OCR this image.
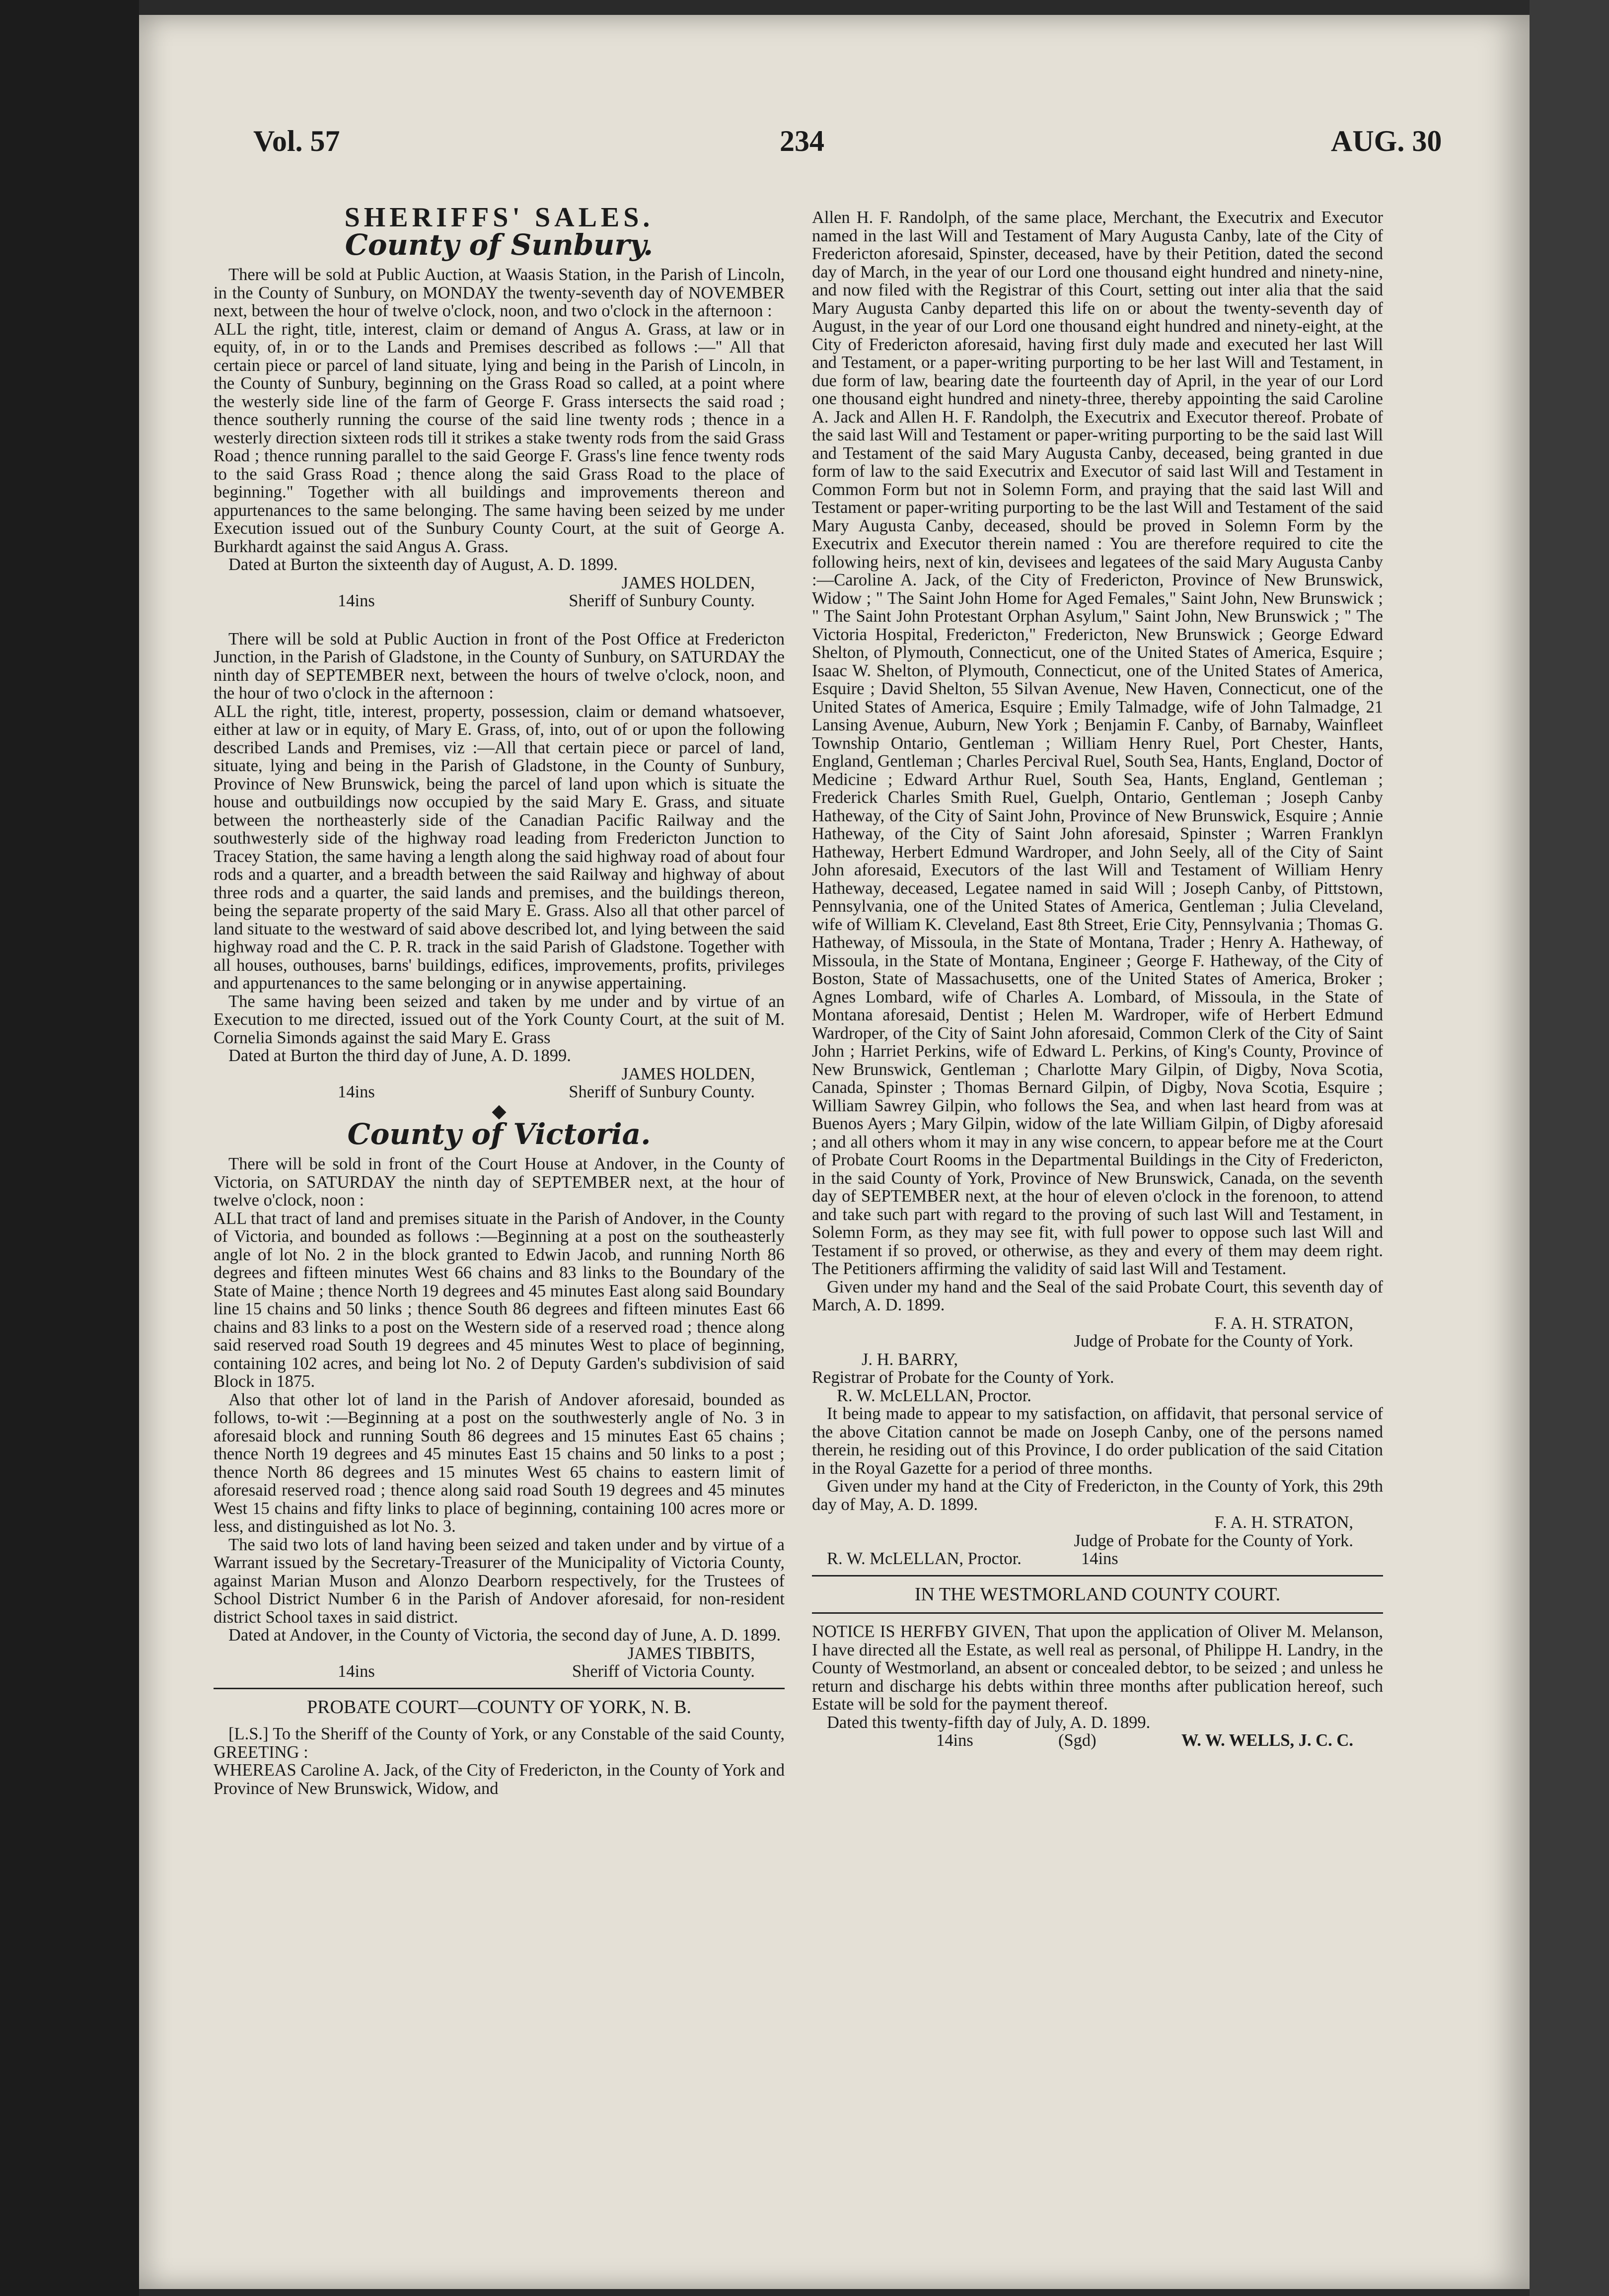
Vol. 57	234	AUG. 30
SHERIFFS' SALES.
County of Sunbury.

There will be sold at Public Auction, at Waasis Station, in the Parish of Lincoln, in the County of Sunbury, on MONDAY the twenty-seventh day of NOVEMBER next, between the hour of twelve o'clock, noon, and two o'clock in the afternoon :

ALL the right, title, interest, claim or demand of Angus A. Grass, at law or in equity, of, in or to the Lands and Premises described as follows :—" All that certain piece or parcel of land situate, lying and being in the Parish of Lincoln, in the County of Sunbury, beginning on the Grass Road so called, at a point where the westerly side line of the farm of George F. Grass intersects the said road ; thence southerly running the course of the said line twenty rods ; thence in a westerly direction sixteen rods till it strikes a stake twenty rods from the said Grass Road ; thence running parallel to the said George F. Grass's line fence twenty rods to the said Grass Road ; thence along the said Grass Road to the place of beginning." Together with all buildings and improvements thereon and appurtenances to the same belonging. The same having been seized by me under Execution issued out of the Sunbury County Court, at the suit of George A. Burkhardt against the said Angus A. Grass.

Dated at Burton the sixteenth day of August, A. D. 1899.

JAMES HOLDEN,
14ins	Sheriff of Sunbury County.

There will be sold at Public Auction in front of the Post Office at Fredericton Junction, in the Parish of Gladstone, in the County of Sunbury, on SATURDAY the ninth day of SEPTEMBER next, between the hours of twelve o'clock, noon, and the hour of two o'clock in the afternoon :

ALL the right, title, interest, property, possession, claim or demand whatsoever, either at law or in equity, of Mary E. Grass, of, into, out of or upon the following described Lands and Premises, viz :—All that certain piece or parcel of land, situate, lying and being in the Parish of Gladstone, in the County of Sunbury, Province of New Brunswick, being the parcel of land upon which is situate the house and outbuildings now occupied by the said Mary E. Grass, and situate between the northeasterly side of the Canadian Pacific Railway and the southwesterly side of the highway road leading from Fredericton Junction to Tracey Station, the same having a length along the said highway road of about four rods and a quarter, and a breadth between the said Railway and highway of about three rods and a quarter, the said lands and premises, and the buildings thereon, being the separate property of the said Mary E. Grass. Also all that other parcel of land situate to the westward of said above described lot, and lying between the said highway road and the C. P. R. track in the said Parish of Gladstone. Together with all houses, outhouses, barns' buildings, edifices, improvements, profits, privileges and appurtenances to the same belonging or in anywise appertaining.

The same having been seized and taken by me under and by virtue of an Execution to me directed, issued out of the York County Court, at the suit of M. Cornelia Simonds against the said Mary E. Grass

Dated at Burton the third day of June, A. D. 1899.

JAMES HOLDEN,
14ins	Sheriff of Sunbury County.
◆
County of Victoria.

There will be sold in front of the Court House at Andover, in the County of Victoria, on SATURDAY the ninth day of SEPTEMBER next, at the hour of twelve o'clock, noon :

ALL that tract of land and premises situate in the Parish of Andover, in the County of Victoria, and bounded as follows :—Beginning at a post on the southeasterly angle of lot No. 2 in the block granted to Edwin Jacob, and running North 86 degrees and fifteen minutes West 66 chains and 83 links to the Boundary of the State of Maine ; thence North 19 degrees and 45 minutes East along said Boundary line 15 chains and 50 links ; thence South 86 degrees and fifteen minutes East 66 chains and 83 links to a post on the Western side of a reserved road ; thence along said reserved road South 19 degrees and 45 minutes West to place of beginning, containing 102 acres, and being lot No. 2 of Deputy Garden's subdivision of said Block in 1875.

Also that other lot of land in the Parish of Andover aforesaid, bounded as follows, to-wit :—Beginning at a post on the southwesterly angle of No. 3 in aforesaid block and running South 86 degrees and 15 minutes East 65 chains ; thence North 19 degrees and 45 minutes East 15 chains and 50 links to a post ; thence North 86 degrees and 15 minutes West 65 chains to eastern limit of aforesaid reserved road ; thence along said road South 19 degrees and 45 minutes West 15 chains and fifty links to place of beginning, containing 100 acres more or less, and distinguished as lot No. 3.

The said two lots of land having been seized and taken under and by virtue of a Warrant issued by the Secretary-Treasurer of the Municipality of Victoria County, against Marian Muson and Alonzo Dearborn respectively, for the Trustees of School District Number 6 in the Parish of Andover aforesaid, for non-resident district School taxes in said district.

Dated at Andover, in the County of Victoria, the second day of June, A. D. 1899.

JAMES TIBBITS,
14ins	Sheriff of Victoria County.
PROBATE COURT—COUNTY OF YORK, N. B.

[L.S.] To the Sheriff of the County of York, or any Constable of the said County, GREETING :

WHEREAS Caroline A. Jack, of the City of Fredericton, in the County of York and Province of New Brunswick, Widow, and

Allen H. F. Randolph, of the same place, Merchant, the Executrix and Executor named in the last Will and Testament of Mary Augusta Canby, late of the City of Fredericton aforesaid, Spinster, deceased, have by their Petition, dated the second day of March, in the year of our Lord one thousand eight hundred and ninety-nine, and now filed with the Registrar of this Court, setting out inter alia that the said Mary Augusta Canby departed this life on or about the twenty-seventh day of August, in the year of our Lord one thousand eight hundred and ninety-eight, at the City of Fredericton aforesaid, having first duly made and executed her last Will and Testament, or a paper-writing purporting to be her last Will and Testament, in due form of law, bearing date the fourteenth day of April, in the year of our Lord one thousand eight hundred and ninety-three, thereby appointing the said Caroline A. Jack and Allen H. F. Randolph, the Executrix and Executor thereof. Probate of the said last Will and Testament or paper-writing purporting to be the said last Will and Testament of the said Mary Augusta Canby, deceased, being granted in due form of law to the said Executrix and Executor of said last Will and Testament in Common Form but not in Solemn Form, and praying that the said last Will and Testament or paper-writing purporting to be the last Will and Testament of the said Mary Augusta Canby, deceased, should be proved in Solemn Form by the Executrix and Executor therein named : You are therefore required to cite the following heirs, next of kin, devisees and legatees of the said Mary Augusta Canby :—Caroline A. Jack, of the City of Fredericton, Province of New Brunswick, Widow ; " The Saint John Home for Aged Females," Saint John, New Brunswick ; " The Saint John Protestant Orphan Asylum," Saint John, New Brunswick ; " The Victoria Hospital, Fredericton," Fredericton, New Brunswick ; George Edward Shelton, of Plymouth, Connecticut, one of the United States of America, Esquire ; Isaac W. Shelton, of Plymouth, Connecticut, one of the United States of America, Esquire ; David Shelton, 55 Silvan Avenue, New Haven, Connecticut, one of the United States of America, Esquire ; Emily Talmadge, wife of John Talmadge, 21 Lansing Avenue, Auburn, New York ; Benjamin F. Canby, of Barnaby, Wainfleet Township Ontario, Gentleman ; William Henry Ruel, Port Chester, Hants, England, Gentleman ; Charles Percival Ruel, South Sea, Hants, England, Doctor of Medicine ; Edward Arthur Ruel, South Sea, Hants, England, Gentleman ; Frederick Charles Smith Ruel, Guelph, Ontario, Gentleman ; Joseph Canby Hatheway, of the City of Saint John, Province of New Brunswick, Esquire ; Annie Hatheway, of the City of Saint John aforesaid, Spinster ; Warren Franklyn Hatheway, Herbert Edmund Wardroper, and John Seely, all of the City of Saint John aforesaid, Executors of the last Will and Testament of William Henry Hatheway, deceased, Legatee named in said Will ; Joseph Canby, of Pittstown, Pennsylvania, one of the United States of America, Gentleman ; Julia Cleveland, wife of William K. Cleveland, East 8th Street, Erie City, Pennsylvania ; Thomas G. Hatheway, of Missoula, in the State of Montana, Trader ; Henry A. Hatheway, of Missoula, in the State of Montana, Engineer ; George F. Hatheway, of the City of Boston, State of Massachusetts, one of the United States of America, Broker ; Agnes Lombard, wife of Charles A. Lombard, of Missoula, in the State of Montana aforesaid, Dentist ; Helen M. Wardroper, wife of Herbert Edmund Wardroper, of the City of Saint John aforesaid, Common Clerk of the City of Saint John ; Harriet Perkins, wife of Edward L. Perkins, of King's County, Province of New Brunswick, Gentleman ; Charlotte Mary Gilpin, of Digby, Nova Scotia, Canada, Spinster ; Thomas Bernard Gilpin, of Digby, Nova Scotia, Esquire ; William Sawrey Gilpin, who follows the Sea, and when last heard from was at Buenos Ayers ; Mary Gilpin, widow of the late William Gilpin, of Digby aforesaid ; and all others whom it may in any wise concern, to appear before me at the Court of Probate Court Rooms in the Departmental Buildings in the City of Fredericton, in the said County of York, Province of New Brunswick, Canada, on the seventh day of SEPTEMBER next, at the hour of eleven o'clock in the forenoon, to attend and take such part with regard to the proving of such last Will and Testament, in Solemn Form, as they may see fit, with full power to oppose such last Will and Testament if so proved, or otherwise, as they and every of them may deem right. The Petitioners affirming the validity of said last Will and Testament.

Given under my hand and the Seal of the said Probate Court, this seventh day of March, A. D. 1899.

F. A. H. STRATON,
Judge of Probate for the County of York.
J. H. BARRY,
Registrar of Probate for the County of York.
R. W. McLELLAN, Proctor.

It being made to appear to my satisfaction, on affidavit, that personal service of the above Citation cannot be made on Joseph Canby, one of the persons named therein, he residing out of this Province, I do order publication of the said Citation in the Royal Gazette for a period of three months.

Given under my hand at the City of Fredericton, in the County of York, this 29th day of May, A. D. 1899.

F. A. H. STRATON,
Judge of Probate for the County of York.
R. W. McLELLAN, Proctor.	14ins
IN THE WESTMORLAND COUNTY COURT.

NOTICE IS HERFBY GIVEN, That upon the application of Oliver M. Melanson, I have directed all the Estate, as well real as personal, of Philippe H. Landry, in the County of Westmorland, an absent or concealed debtor, to be seized ; and unless he return and discharge his debts within three months after publication hereof, such Estate will be sold for the payment thereof.

Dated this twenty-fifth day of July, A. D. 1899.

14ins	(Sgd)	W. W. WELLS, J. C. C.
